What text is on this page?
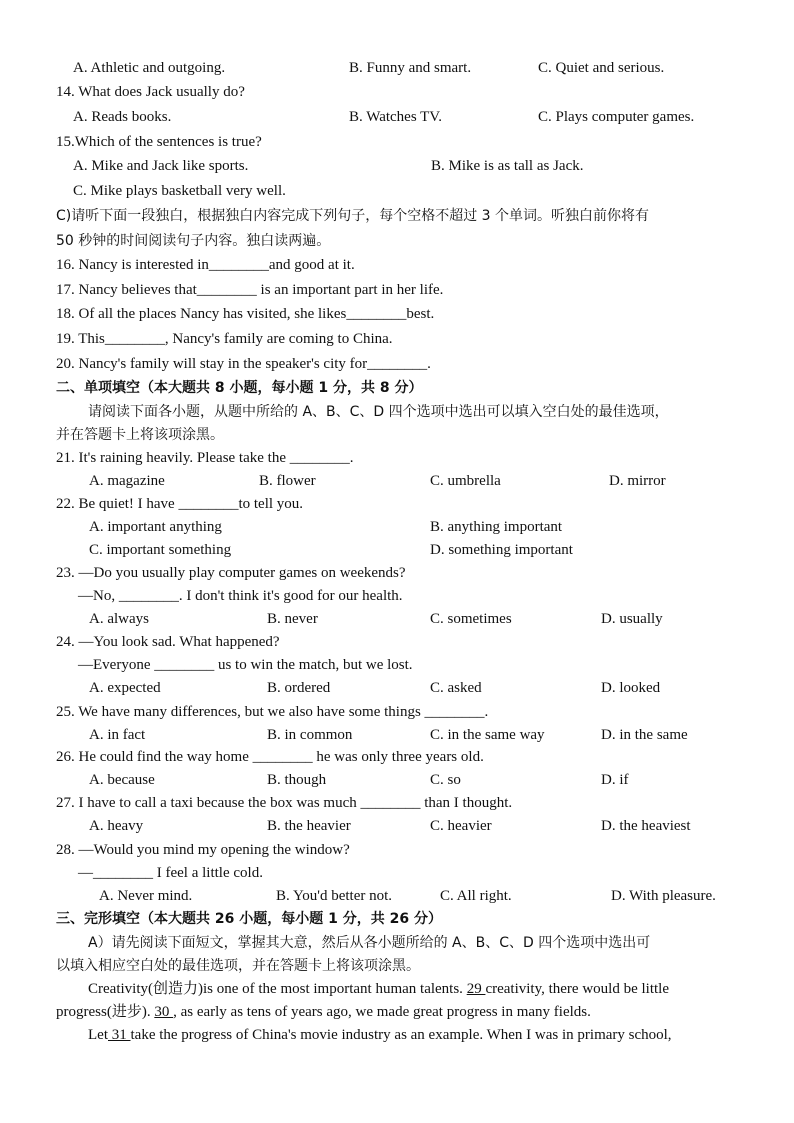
A. Athletic and outgoing.	B. Funny and smart.	C. Quiet and serious.
14. What does Jack usually do?
A. Reads books.	B. Watches TV.	C. Plays computer games.
15.Which of the sentences is true?
A. Mike and Jack like sports.	B. Mike is as tall as Jack.
C. Mike plays basketball very well.
C)请听下面一段独白，根据独白内容完成下列句子，每个空格不超过 3 个单词。听独白前你将有
50 秒钟的时间阅读句子内容。独白读两遍。
16. Nancy is interested in________and good at it.
17. Nancy believes that________ is an important part in her life.
18. Of all the places Nancy has visited, she likes________best.
19. This________, Nancy's family are coming to China.
20. Nancy's family will stay in the speaker's city for________.
二、单项填空（本大题共 8 小题，每小题 1 分，共 8 分）
请阅读下面各小题，从题中所给的 A、B、C、D 四个选项中选出可以填入空白处的最佳选项，
并在答题卡上将该项涂黑。
21. It's raining heavily. Please take the ________.
A. magazine	B. flower	C. umbrella	D. mirror
22. Be quiet! I have ________to tell you.
A. important anything	B. anything important
C. important something	D. something important
23. —Do you usually play computer games on weekends?
—No, ________. I don't think it's good for our health.
A. always	B. never	C. sometimes	D. usually
24. —You look sad. What happened?
—Everyone ________ us to win the match, but we lost.
A. expected	B. ordered	C. asked	D. looked
25. We have many differences, but we also have some things ________.
A. in fact	B. in common	C. in the same way	D. in the same
26. He could find the way home ________ he was only three years old.
A. because	B. though	C. so	D. if
27. I have to call a taxi because the box was much ________ than I thought.
A. heavy	B. the heavier	C. heavier	D. the heaviest
28. —Would you mind my opening the window?
—________ I feel a little cold.
A. Never mind.	B. You'd better not.	C. All right.	D. With pleasure.
三、完形填空（本大题共 26 小题，每小题 1 分，共 26 分）
A）请先阅读下面短文，掌握其大意，然后从各小题所给的 A、B、C、D 四个选项中选出可
以填入相应空白处的最佳选项，并在答题卡上将该项涂黑。
Creativity(创造力)is one of the most important human talents. 29 creativity, there would be little
progress(进步). 30 , as early as tens of years ago, we made great progress in many fields.
Let 31 take the progress of China's movie industry as an example. When I was in primary school,
